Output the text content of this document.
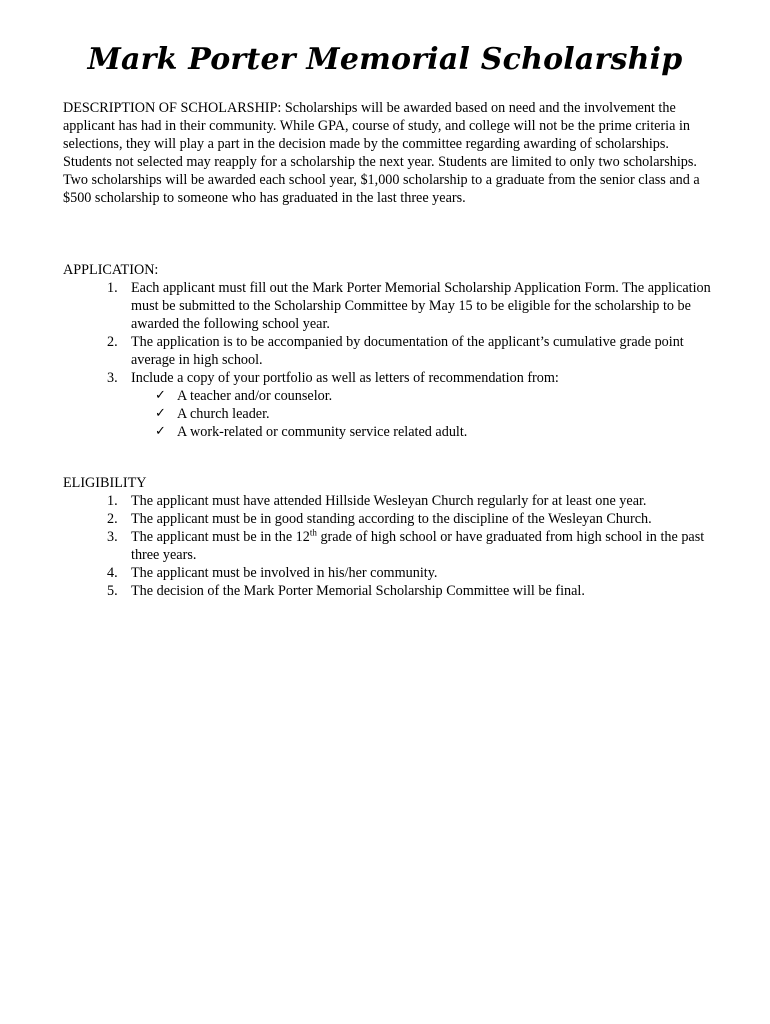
Mark Porter Memorial Scholarship

DESCRIPTION OF SCHOLARSHIP: Scholarships will be awarded based on need and the involvement the applicant has had in their community. While GPA, course of study, and college will not be the prime criteria in selections, they will play a part in the decision made by the committee regarding awarding of scholarships. Students not selected may reapply for a scholarship the next year. Students are limited to only two scholarships. Two scholarships will be awarded each school year, $1,000 scholarship to a graduate from the senior class and a $500 scholarship to someone who has graduated in the last three years.

APPLICATION:
1. Each applicant must fill out the Mark Porter Memorial Scholarship Application Form. The application must be submitted to the Scholarship Committee by May 15 to be eligible for the scholarship to be awarded the following school year.
2. The application is to be accompanied by documentation of the applicant’s cumulative grade point average in high school.
3. Include a copy of your portfolio as well as letters of recommendation from:
✓ A teacher and/or counselor.
✓ A church leader.
✓ A work-related or community service related adult.
ELIGIBILITY
1. The applicant must have attended Hillside Wesleyan Church regularly for at least one year.
2. The applicant must be in good standing according to the discipline of the Wesleyan Church.
3. The applicant must be in the 12th grade of high school or have graduated from high school in the past three years.
4. The applicant must be involved in his/her community.
5. The decision of the Mark Porter Memorial Scholarship Committee will be final.
